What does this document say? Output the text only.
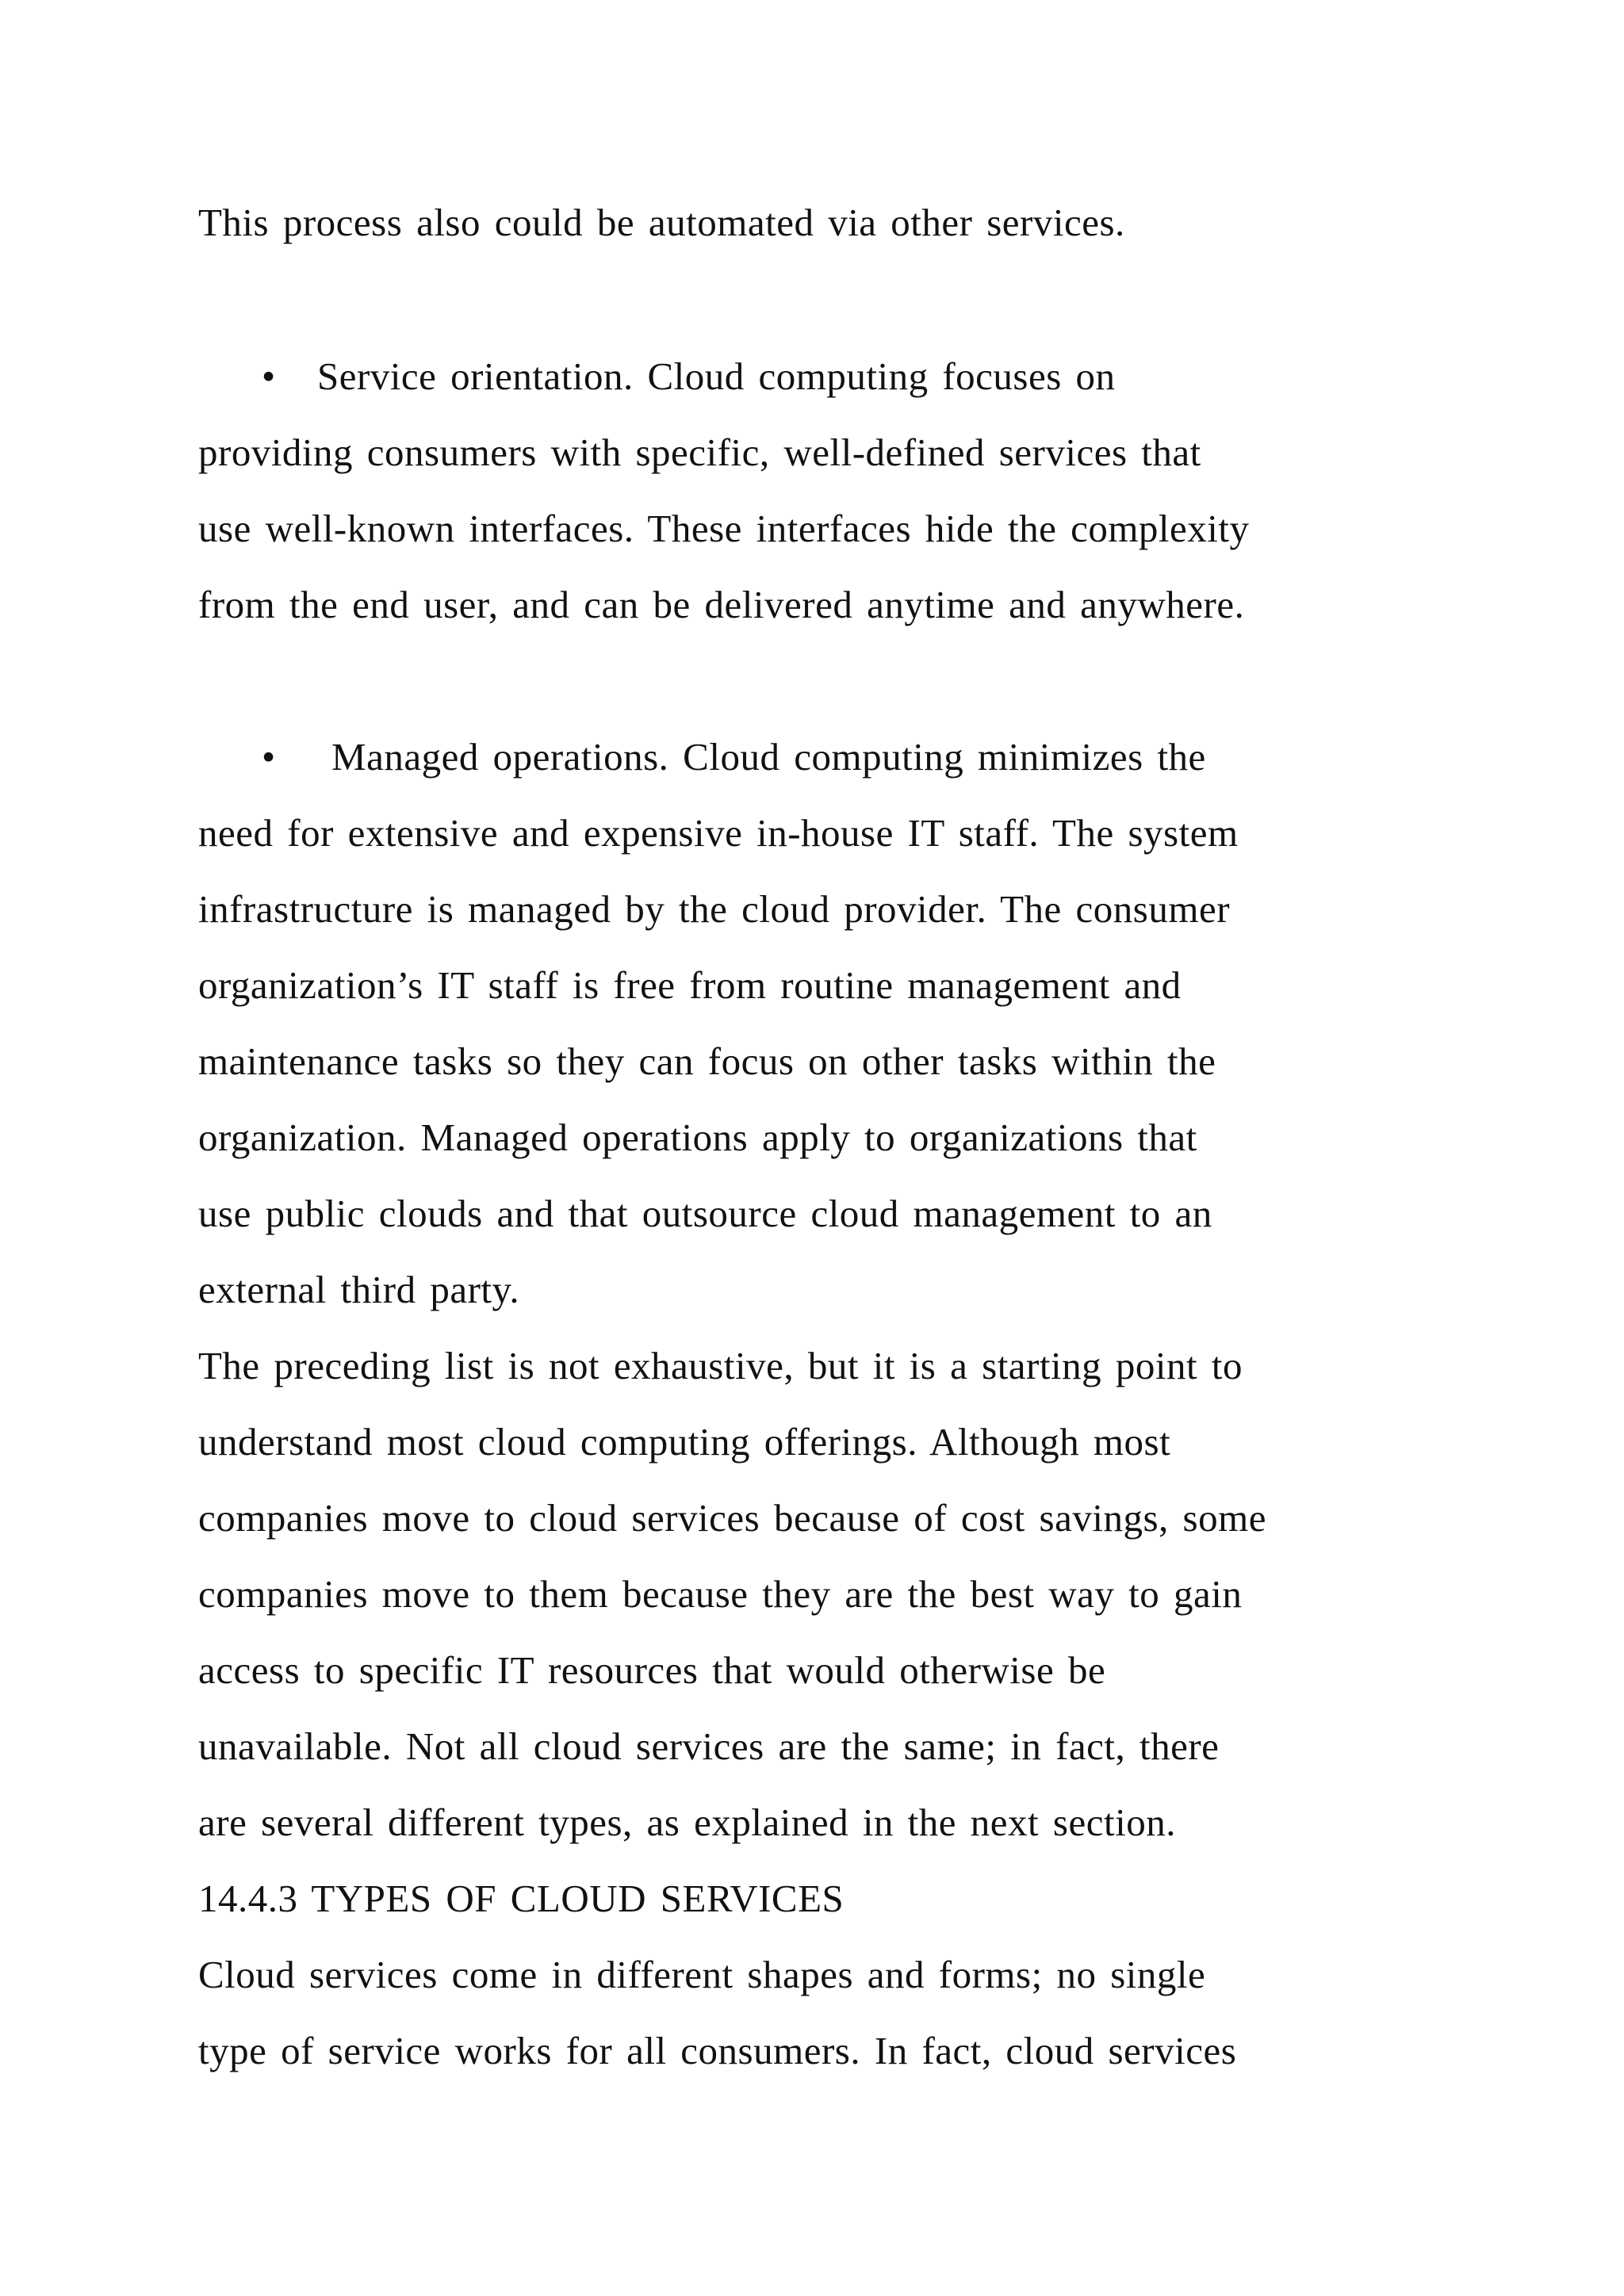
This process also could be automated via other services.
• Service orientation. Cloud computing focuses on
providing consumers with specific, well-defined services that
use well-known interfaces. These interfaces hide the complexity
from the end user, and can be delivered anytime and anywhere.
• Managed operations. Cloud computing minimizes the
need for extensive and expensive in-house IT staff. The system
infrastructure is managed by the cloud provider. The consumer
organization’s IT staff is free from routine management and
maintenance tasks so they can focus on other tasks within the
organization. Managed operations apply to organizations that
use public clouds and that outsource cloud management to an
external third party.
The preceding list is not exhaustive, but it is a starting point to
understand most cloud computing offerings. Although most
companies move to cloud services because of cost savings, some
companies move to them because they are the best way to gain
access to specific IT resources that would otherwise be
unavailable. Not all cloud services are the same; in fact, there
are several different types, as explained in the next section.
14.4.3 TYPES OF CLOUD SERVICES
Cloud services come in different shapes and forms; no single
type of service works for all consumers. In fact, cloud services
